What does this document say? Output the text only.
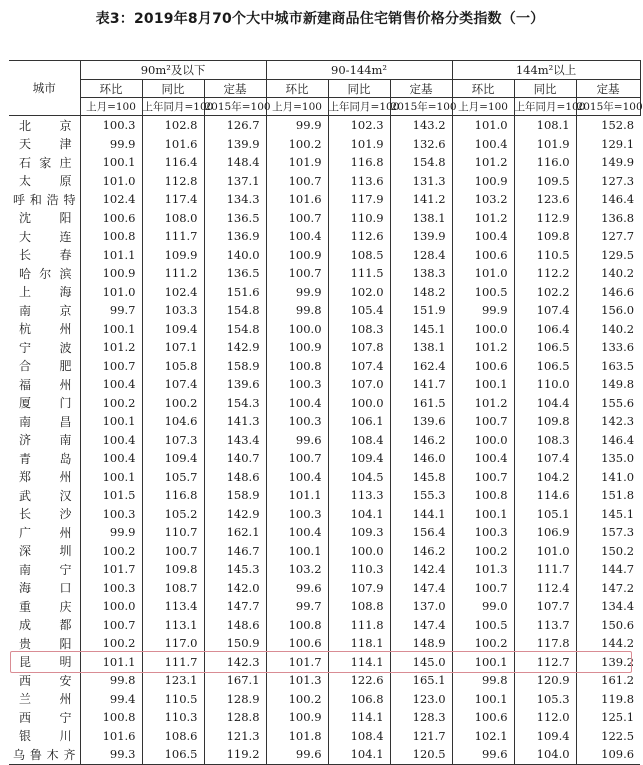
表3：2019年8月70个大中城市新建商品住宅销售价格分类指数（一）
城市	90m²及以下			90-144m²			144m²以上		
	环比	同比	定基	环比	同比	定基	环比	同比	定基
	上月=100	上年同月=100	2015年=100	上月=100	上年同月=100	2015年=100	上月=100	上年同月=100	2015年=100
北京	100.3	102.8	126.7	99.9	102.3	143.2	101.0	108.1	152.8
天津	99.9	101.6	139.9	100.2	101.9	132.6	100.4	101.9	129.1
石家庄	100.1	116.4	148.4	101.9	116.8	154.8	101.2	116.0	149.9
太原	101.0	112.8	137.1	100.7	113.6	131.3	100.9	109.5	127.3
呼和浩特	102.4	117.4	134.3	101.6	117.9	141.2	103.2	123.6	146.4
沈阳	100.6	108.0	136.5	100.7	110.9	138.1	101.2	112.9	136.8
大连	100.8	111.7	136.9	100.4	112.6	139.9	100.4	109.8	127.7
长春	101.1	109.9	140.0	100.9	108.5	128.4	100.6	110.5	129.5
哈尔滨	100.9	111.2	136.5	100.7	111.5	138.3	101.0	112.2	140.2
上海	101.0	102.4	151.6	99.9	102.0	148.2	100.5	102.2	146.6
南京	99.7	103.3	154.8	99.8	105.4	151.9	99.9	107.4	156.0
杭州	100.1	109.4	154.8	100.0	108.3	145.1	100.0	106.4	140.2
宁波	101.2	107.1	142.9	100.9	107.8	138.1	101.2	106.5	133.6
合肥	100.7	105.8	158.9	100.8	107.4	162.4	100.6	106.5	163.5
福州	100.4	107.4	139.6	100.3	107.0	141.7	100.1	110.0	149.8
厦门	100.2	100.2	154.3	100.4	100.0	161.5	101.2	104.4	155.6
南昌	100.1	104.6	141.3	100.3	106.1	139.6	100.7	109.8	142.3
济南	100.4	107.3	143.4	99.6	108.4	146.2	100.0	108.3	146.4
青岛	100.4	109.4	140.7	100.7	109.4	146.0	100.4	107.4	135.0
郑州	100.1	105.7	148.6	100.4	104.5	145.8	100.7	104.2	141.0
武汉	101.5	116.8	158.9	101.1	113.3	155.3	100.8	114.6	151.8
长沙	100.3	105.2	142.9	100.3	104.1	144.1	100.1	105.1	145.1
广州	99.9	110.7	162.1	100.4	109.3	156.4	100.3	106.9	157.3
深圳	100.2	100.7	146.7	100.1	100.0	146.2	100.2	101.0	150.2
南宁	101.7	109.8	145.3	103.2	110.3	142.4	101.3	111.7	144.7
海口	100.3	108.7	142.0	99.6	107.9	147.4	100.7	112.4	147.2
重庆	100.0	113.4	147.7	99.7	108.8	137.0	99.0	107.7	134.4
成都	100.7	113.1	148.6	100.8	111.8	147.4	100.5	113.7	150.6
贵阳	100.2	117.0	150.9	100.6	118.1	148.9	100.2	117.8	144.2
昆明	101.1	111.7	142.3	101.7	114.1	145.0	100.1	112.7	139.2
西安	99.8	123.1	167.1	101.3	122.6	165.1	99.8	120.9	161.2
兰州	99.4	110.5	128.9	100.2	106.8	123.0	100.1	105.3	119.8
西宁	100.8	110.3	128.8	100.9	114.1	128.3	100.6	112.0	125.1
银川	101.6	108.6	121.3	101.8	108.4	121.7	102.1	109.4	122.5
乌鲁木齐	99.3	106.5	119.2	99.6	104.1	120.5	99.6	104.0	109.6
